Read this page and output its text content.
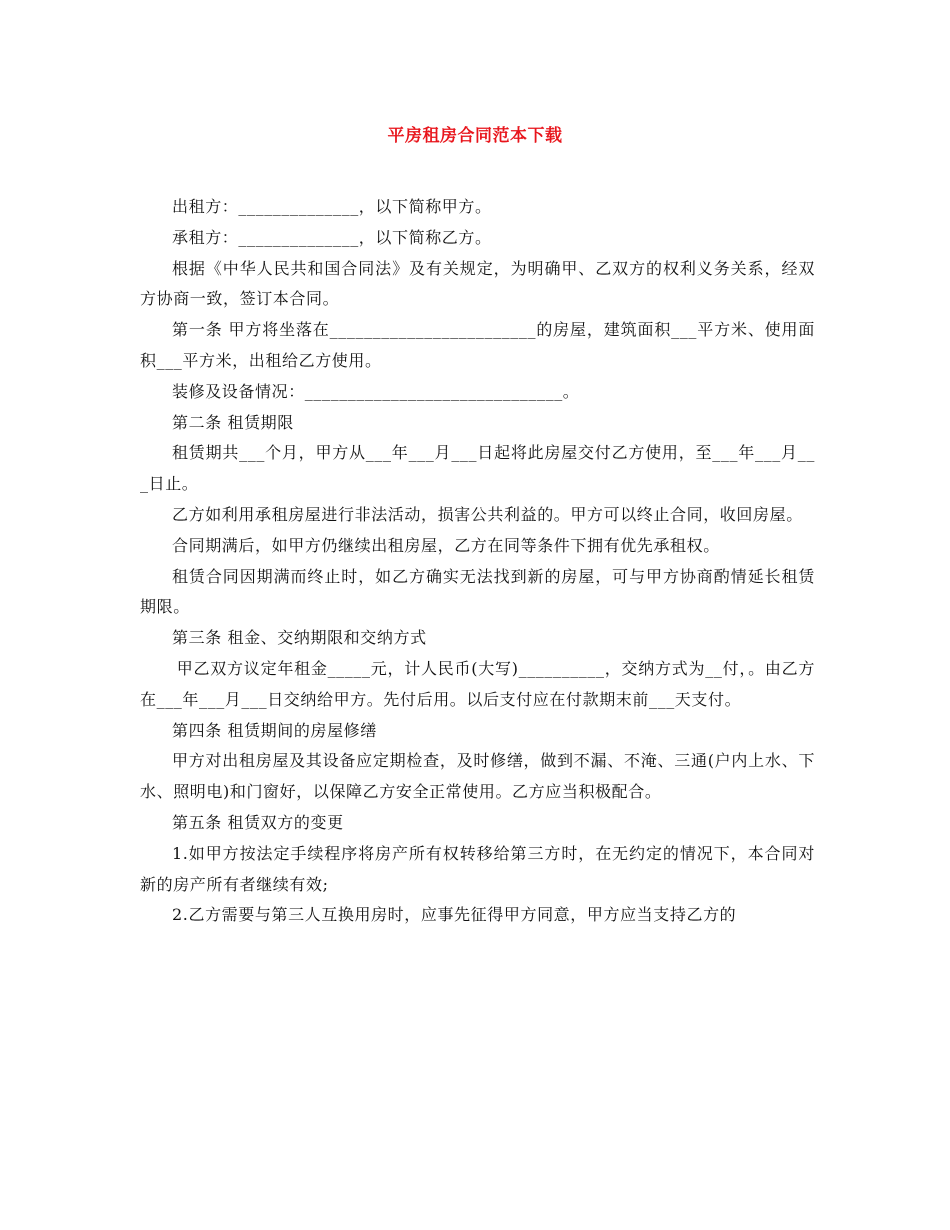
平房租房合同范本下载

出租方：______________，以下简称甲方。

承租方：______________，以下简称乙方。

根据《中华人民共和国合同法》及有关规定，为明确甲、乙双方的权利义务关系，经双方协商一致，签订本合同。

第一条 甲方将坐落在________________________的房屋，建筑面积___平方米、使用面积___平方米，出租给乙方使用。

装修及设备情况：______________________________。

第二条 租赁期限

租赁期共___个月，甲方从___年___月___日起将此房屋交付乙方使用，至___年___月___日止。

乙方如利用承租房屋进行非法活动，损害公共利益的。甲方可以终止合同，收回房屋。

合同期满后，如甲方仍继续出租房屋，乙方在同等条件下拥有优先承租权。

租赁合同因期满而终止时，如乙方确实无法找到新的房屋，可与甲方协商酌情延长租赁期限。

第三条 租金、交纳期限和交纳方式

甲乙双方议定年租金_____元，计人民币(大写)__________，交纳方式为__付，。由乙方在___年___月___日交纳给甲方。先付后用。以后支付应在付款期末前___天支付。

第四条 租赁期间的房屋修缮

甲方对出租房屋及其设备应定期检查，及时修缮，做到不漏、不淹、三通(户内上水、下水、照明电)和门窗好，以保障乙方安全正常使用。乙方应当积极配合。

第五条 租赁双方的变更

1.如甲方按法定手续程序将房产所有权转移给第三方时，在无约定的情况下，本合同对新的房产所有者继续有效;

2.乙方需要与第三人互换用房时，应事先征得甲方同意，甲方应当支持乙方的
